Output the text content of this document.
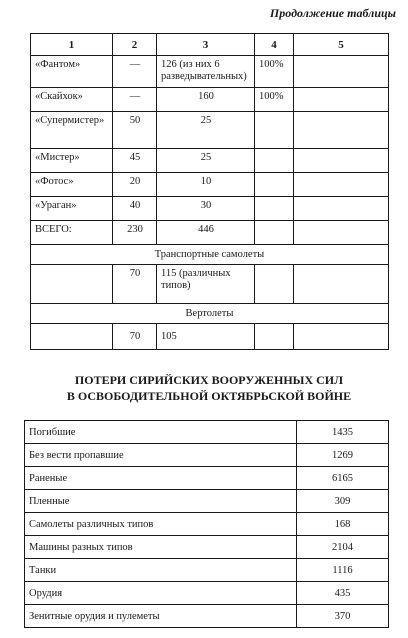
Продолжение таблицы
1	2	3	4	5
«Фантом»	—	126 (из них 6 разведывательных)	100%	
«Скайхок»	—	160	100%	
«Супермистер»	50	25		
«Мистер»	45	25		
«Фотос»	20	10		
«Ураган»	40	30		
ВСЕГО:	230	446		
Транспортные самолеты				
	70	115 (различных типов)		
Вертолеты				
	70	105		
ПОТЕРИ СИРИЙСКИХ ВООРУЖЕННЫХ СИЛ
В ОСВОБОДИТЕЛЬНОЙ ОКТЯБРЬСКОЙ ВОЙНЕ
Погибшие	1435
Без вести пропавшие	1269
Раненые	6165
Пленные	309
Самолеты различных типов	168
Машины разных типов	2104
Танки	1116
Орудия	435
Зенитные орудия и пулеметы	370
